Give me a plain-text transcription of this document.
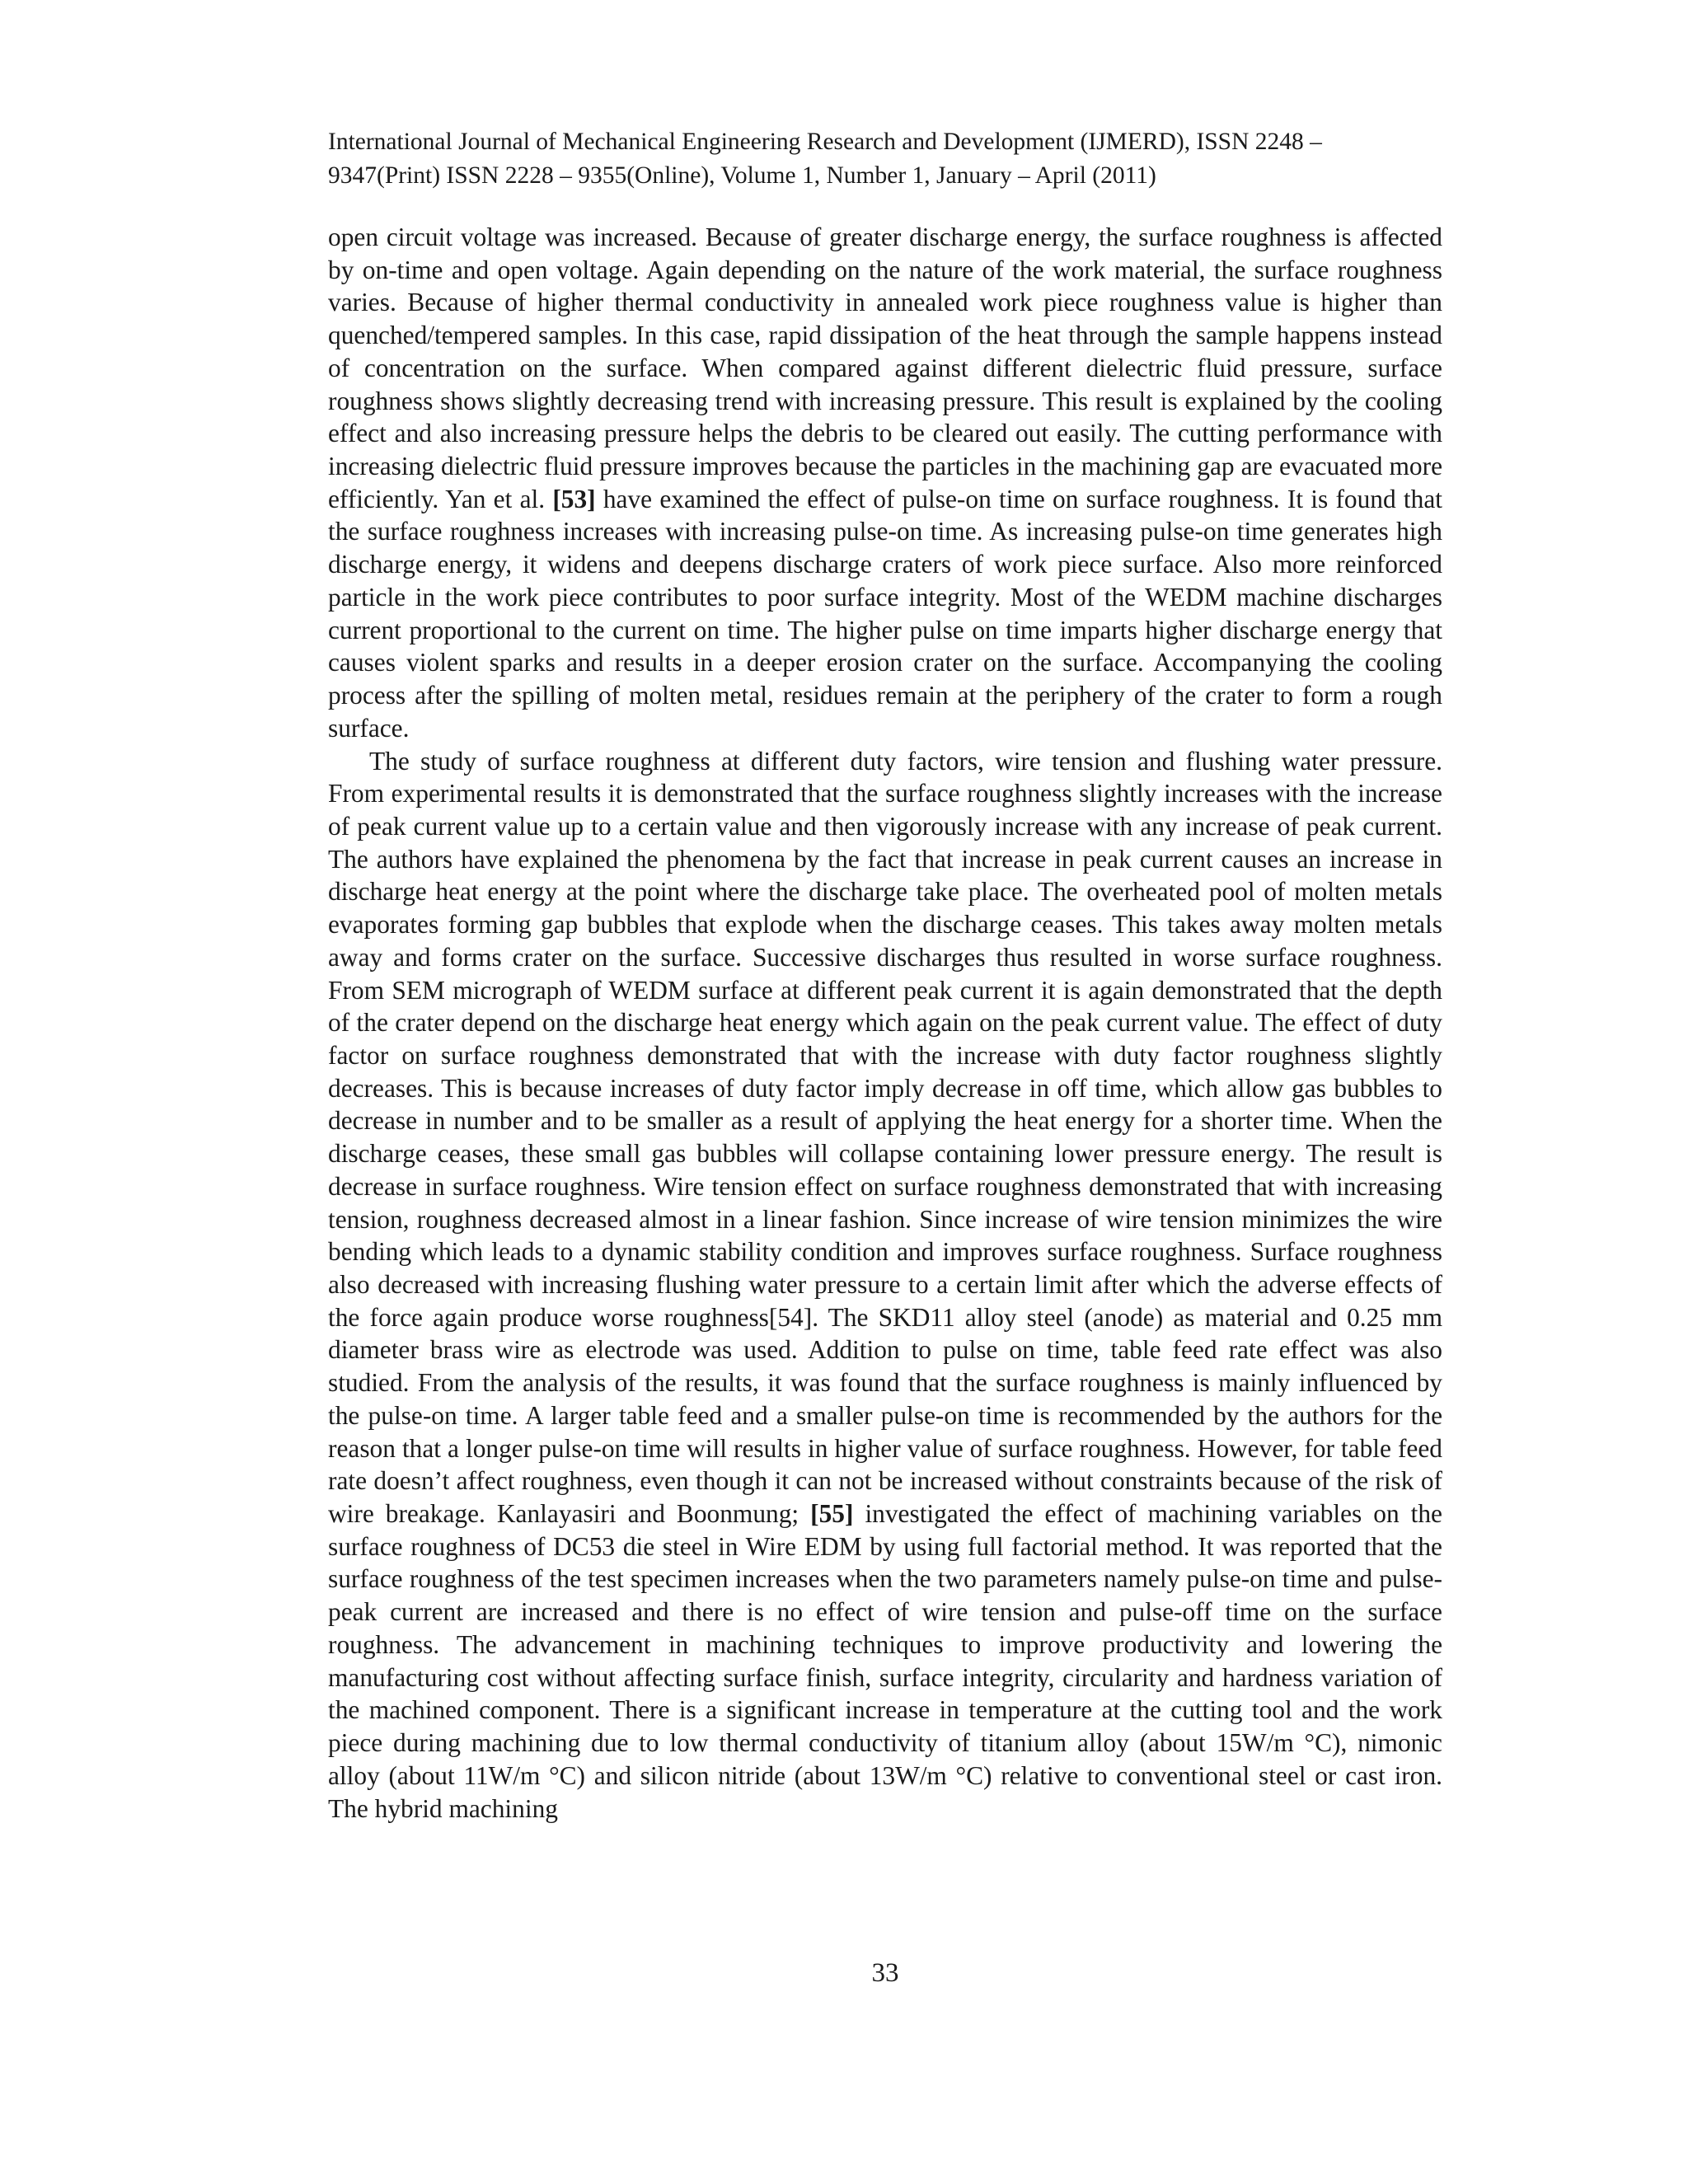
International Journal of Mechanical Engineering Research and Development (IJMERD), ISSN 2248 –
9347(Print) ISSN 2228 – 9355(Online), Volume 1, Number 1, January – April (2011)

open circuit voltage was increased. Because of greater discharge energy, the surface roughness is affected by on-time and open voltage. Again depending on the nature of the work material, the surface roughness varies. Because of higher thermal conductivity in annealed work piece roughness value is higher than quenched/tempered samples. In this case, rapid dissipation of the heat through the sample happens instead of concentration on the surface. When compared against different dielectric fluid pressure, surface roughness shows slightly decreasing trend with increasing pressure. This result is explained by the cooling effect and also increasing pressure helps the debris to be cleared out easily. The cutting performance with increasing dielectric fluid pressure improves because the particles in the machining gap are evacuated more efficiently. Yan et al. [53] have examined the effect of pulse-on time on surface roughness. It is found that the surface roughness increases with increasing pulse-on time. As increasing pulse-on time generates high discharge energy, it widens and deepens discharge craters of work piece surface. Also more reinforced particle in the work piece contributes to poor surface integrity. Most of the WEDM machine discharges current proportional to the current on time. The higher pulse on time imparts higher discharge energy that causes violent sparks and results in a deeper erosion crater on the surface. Accompanying the cooling process after the spilling of molten metal, residues remain at the periphery of the crater to form a rough surface.

The study of surface roughness at different duty factors, wire tension and flushing water pressure. From experimental results it is demonstrated that the surface roughness slightly increases with the increase of peak current value up to a certain value and then vigorously increase with any increase of peak current. The authors have explained the phenomena by the fact that increase in peak current causes an increase in discharge heat energy at the point where the discharge take place. The overheated pool of molten metals evaporates forming gap bubbles that explode when the discharge ceases. This takes away molten metals away and forms crater on the surface. Successive discharges thus resulted in worse surface roughness. From SEM micrograph of WEDM surface at different peak current it is again demonstrated that the depth of the crater depend on the discharge heat energy which again on the peak current value. The effect of duty factor on surface roughness demonstrated that with the increase with duty factor roughness slightly decreases. This is because increases of duty factor imply decrease in off time, which allow gas bubbles to decrease in number and to be smaller as a result of applying the heat energy for a shorter time. When the discharge ceases, these small gas bubbles will collapse containing lower pressure energy. The result is decrease in surface roughness. Wire tension effect on surface roughness demonstrated that with increasing tension, roughness decreased almost in a linear fashion. Since increase of wire tension minimizes the wire bending which leads to a dynamic stability condition and improves surface roughness. Surface roughness also decreased with increasing flushing water pressure to a certain limit after which the adverse effects of the force again produce worse roughness[54]. The SKD11 alloy steel (anode) as material and 0.25 mm diameter brass wire as electrode was used. Addition to pulse on time, table feed rate effect was also studied. From the analysis of the results, it was found that the surface roughness is mainly influenced by the pulse-on time. A larger table feed and a smaller pulse-on time is recommended by the authors for the reason that a longer pulse-on time will results in higher value of surface roughness. However, for table feed rate doesn’t affect roughness, even though it can not be increased without constraints because of the risk of wire breakage. Kanlayasiri and Boonmung; [55] investigated the effect of machining variables on the surface roughness of DC53 die steel in Wire EDM by using full factorial method. It was reported that the surface roughness of the test specimen increases when the two parameters namely pulse-on time and pulse-peak current are increased and there is no effect of wire tension and pulse-off time on the surface roughness. The advancement in machining techniques to improve productivity and lowering the manufacturing cost without affecting surface finish, surface integrity, circularity and hardness variation of the machined component. There is a significant increase in temperature at the cutting tool and the work piece during machining due to low thermal conductivity of titanium alloy (about 15W/m °C), nimonic alloy (about 11W/m °C) and silicon nitride (about 13W/m °C) relative to conventional steel or cast iron. The hybrid machining

33
